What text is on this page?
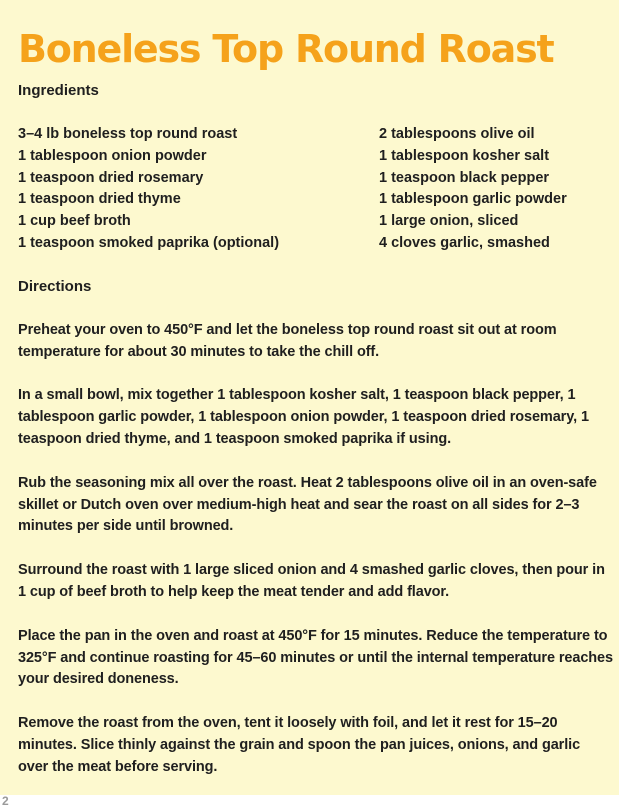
Boneless Top Round Roast
Ingredients
3–4 lb boneless top round roast
1 tablespoon onion powder
1 teaspoon dried rosemary
1 teaspoon dried thyme
1 cup beef broth
1 teaspoon smoked paprika (optional)
2 tablespoons olive oil
1 tablespoon kosher salt
1 teaspoon black pepper
1 tablespoon garlic powder
1 large onion, sliced
4 cloves garlic, smashed
Directions

Preheat your oven to 450°F and let the boneless top round roast sit out at room temperature for about 30 minutes to take the chill off.

In a small bowl, mix together 1 tablespoon kosher salt, 1 teaspoon black pepper, 1 tablespoon garlic powder, 1 tablespoon onion powder, 1 teaspoon dried rosemary, 1 teaspoon dried thyme, and 1 teaspoon smoked paprika if using.

Rub the seasoning mix all over the roast. Heat 2 tablespoons olive oil in an oven-safe skillet or Dutch oven over medium-high heat and sear the roast on all sides for 2–3 minutes per side until browned.

Surround the roast with 1 large sliced onion and 4 smashed garlic cloves, then pour in 1 cup of beef broth to help keep the meat tender and add flavor.

Place the pan in the oven and roast at 450°F for 15 minutes. Reduce the temperature to 325°F and continue roasting for 45–60 minutes or until the internal temperature reaches your desired doneness.

Remove the roast from the oven, tent it loosely with foil, and let it rest for 15–20 minutes. Slice thinly against the grain and spoon the pan juices, onions, and garlic over the meat before serving.

2
